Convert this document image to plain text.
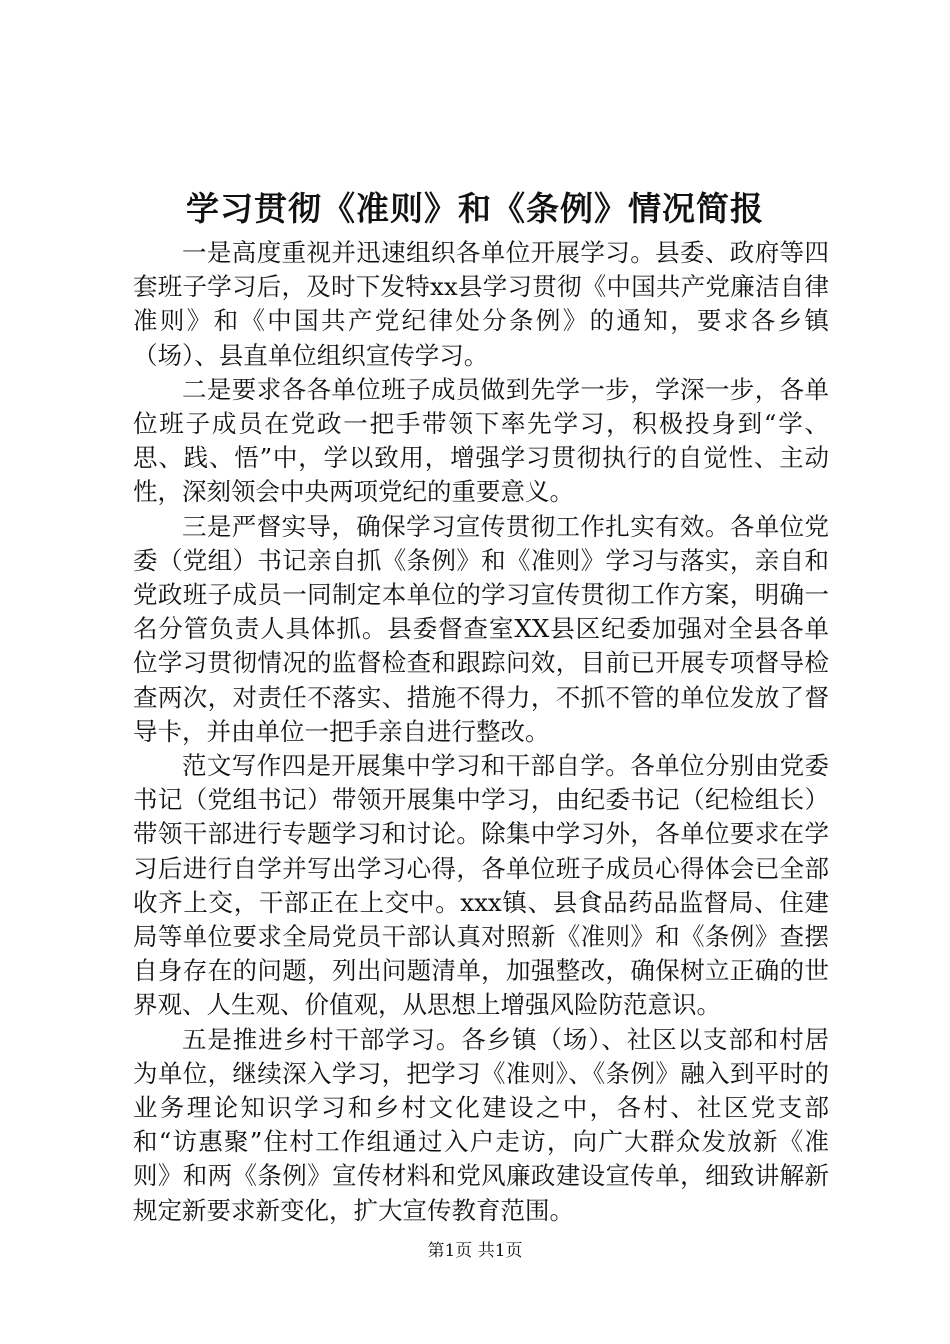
学习贯彻《准则》和《条例》情况简报

一是高度重视并迅速组织各单位开展学习。县委、政府等四套班子学习后，及时下发特xx县学习贯彻《中国共产党廉洁自律准则》和《中国共产党纪律处分条例》的通知，要求各乡镇（场）、县直单位组织宣传学习。

二是要求各各单位班子成员做到先学一步，学深一步，各单位班子成员在党政一把手带领下率先学习，积极投身到“学、思、践、悟”中，学以致用，增强学习贯彻执行的自觉性、主动性，深刻领会中央两项党纪的重要意义。

三是严督实导，确保学习宣传贯彻工作扎实有效。各单位党委（党组）书记亲自抓《条例》和《准则》学习与落实，亲自和党政班子成员一同制定本单位的学习宣传贯彻工作方案，明确一名分管负责人具体抓。县委督查室XX县区纪委加强对全县各单位学习贯彻情况的监督检查和跟踪问效，目前已开展专项督导检查两次，对责任不落实、措施不得力，不抓不管的单位发放了督导卡，并由单位一把手亲自进行整改。

范文写作四是开展集中学习和干部自学。各单位分别由党委书记（党组书记）带领开展集中学习，由纪委书记（纪检组长）带领干部进行专题学习和讨论。除集中学习外，各单位要求在学习后进行自学并写出学习心得，各单位班子成员心得体会已全部收齐上交，干部正在上交中。xxx镇、县食品药品监督局、住建局等单位要求全局党员干部认真对照新《准则》和《条例》查摆自身存在的问题，列出问题清单，加强整改，确保树立正确的世界观、人生观、价值观，从思想上增强风险防范意识。

五是推进乡村干部学习。各乡镇（场）、社区以支部和村居为单位，继续深入学习，把学习《准则》、《条例》融入到平时的业务理论知识学习和乡村文化建设之中，各村、社区党支部和“访惠聚”住村工作组通过入户走访，向广大群众发放新《准则》和两《条例》宣传材料和党风廉政建设宣传单，细致讲解新规定新要求新变化，扩大宣传教育范围。

第1页 共1页
